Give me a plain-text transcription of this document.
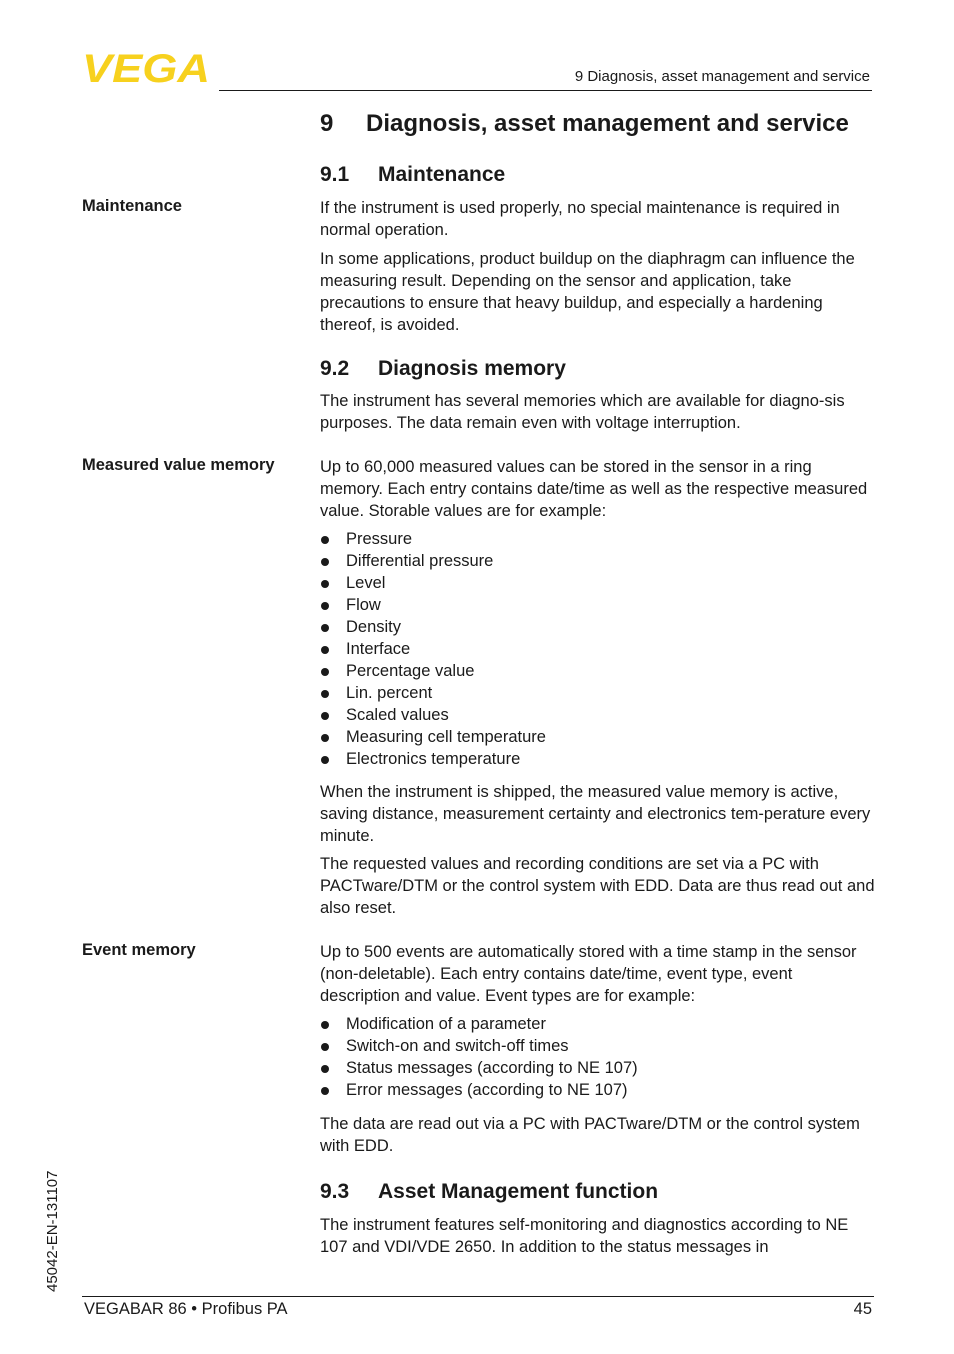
VEGA	9 Diagnosis, asset management and service
9 Diagnosis, asset management and service
9.1 Maintenance
Maintenance	If the instrument is used properly, no special maintenance is required in normal operation.

In some applications, product buildup on the diaphragm can influence the measuring result. Depending on the sensor and application, take precautions to ensure that heavy buildup, and especially a hardening thereof, is avoided.

9.2 Diagnosis memory
The instrument has several memories which are available for diagno-sis purposes. The data remain even with voltage interruption.
Measured value memory	Up to 60,000 measured values can be stored in the sensor in a ring memory. Each entry contains date/time as well as the respective measured value. Storable values are for example:
Pressure
Differential pressure
Level
Flow
Density
Interface
Percentage value
Lin. percent
Scaled values
Measuring cell temperature
Electronics temperature

When the instrument is shipped, the measured value memory is active, saving distance, measurement certainty and electronics tem-perature every minute.

The requested values and recording conditions are set via a PC with PACTware/DTM or the control system with EDD. Data are thus read out and also reset.

Event memory	Up to 500 events are automatically stored with a time stamp in the sensor (non-deletable). Each entry contains date/time, event type, event description and value. Event types are for example:
Modification of a parameter
Switch-on and switch-off times
Status messages (according to NE 107)
Error messages (according to NE 107)
The data are read out via a PC with PACTware/DTM or the control system with EDD.
9.3 Asset Management function
The instrument features self-monitoring and diagnostics according to NE 107 and VDI/VDE 2650. In addition to the status messages in
45042-EN-131107
VEGABAR 86 • Profibus PA	45
